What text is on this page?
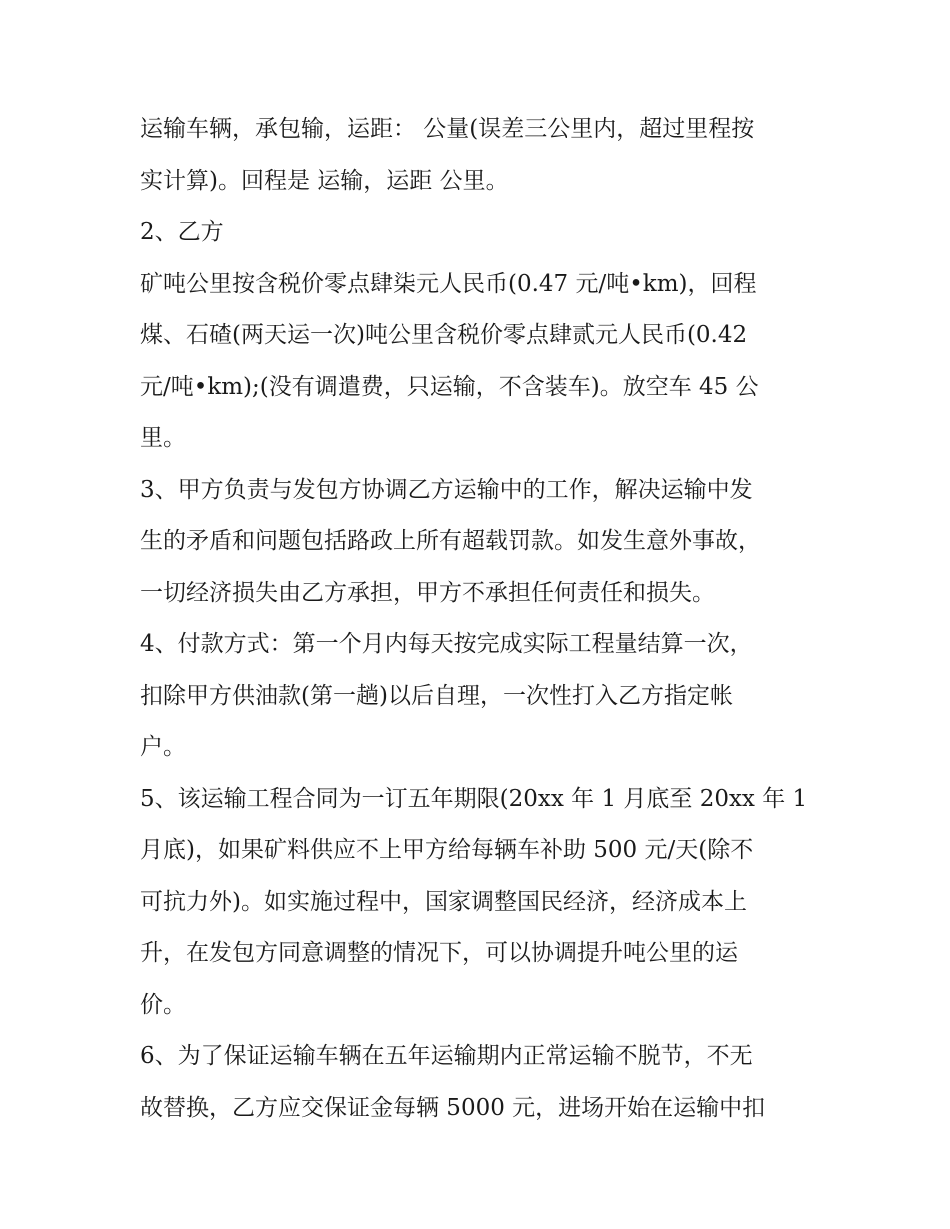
运输车辆，承包输，运距： 公量(误差三公里内，超过里程按
实计算)。回程是 运输，运距 公里。
2、乙方
矿吨公里按含税价零点肆柒元人民币(0.47 元/吨•km)，回程
煤、石碴(两天运一次)吨公里含税价零点肆贰元人民币(0.42
元/吨•km);(没有调遣费，只运输，不含装车)。放空车 45 公
里。
3、甲方负责与发包方协调乙方运输中的工作，解决运输中发
生的矛盾和问题包括路政上所有超载罚款。如发生意外事故，
一切经济损失由乙方承担，甲方不承担任何责任和损失。
4、付款方式：第一个月内每天按完成实际工程量结算一次，
扣除甲方供油款(第一趟)以后自理，一次性打入乙方指定帐
户。
5、该运输工程合同为一订五年期限(20xx 年 1 月底至 20xx 年 1
月底)，如果矿料供应不上甲方给每辆车补助 500 元/天(除不
可抗力外)。如实施过程中，国家调整国民经济，经济成本上
升，在发包方同意调整的情况下，可以协调提升吨公里的运
价。
6、为了保证运输车辆在五年运输期内正常运输不脱节，不无
故替换，乙方应交保证金每辆 5000 元，进场开始在运输中扣
